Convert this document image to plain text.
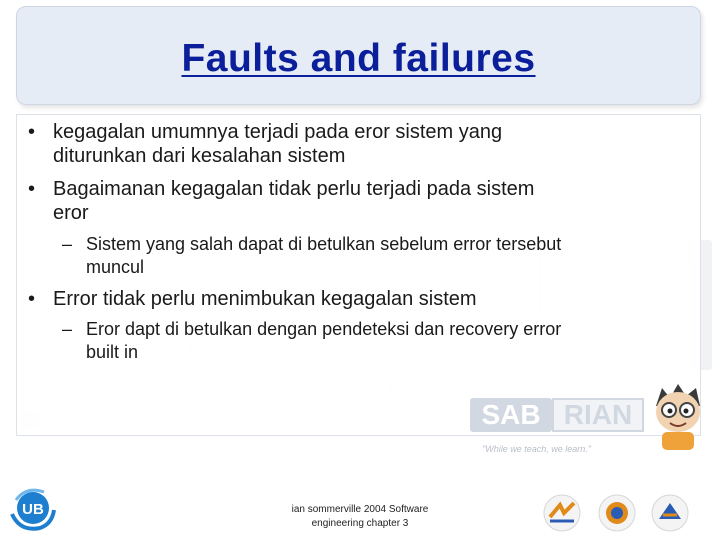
Faults and failures
• kegagalan umumnya terjadi pada eror sistem yang
diturunkan dari kesalahan sistem
• Bagaimanan kegagalan tidak perlu terjadi pada sistem
eror
– Sistem yang salah dapat di betulkan sebelum error tersebut
muncul
• Error tidak perlu menimbukan kegagalan sistem
– Eror dapt di betulkan dengan pendeteksi dan recovery error
built in
SAB RIAN
"While we teach, we learn."
UB	ian sommerville 2004 Software
engineering chapter 3
